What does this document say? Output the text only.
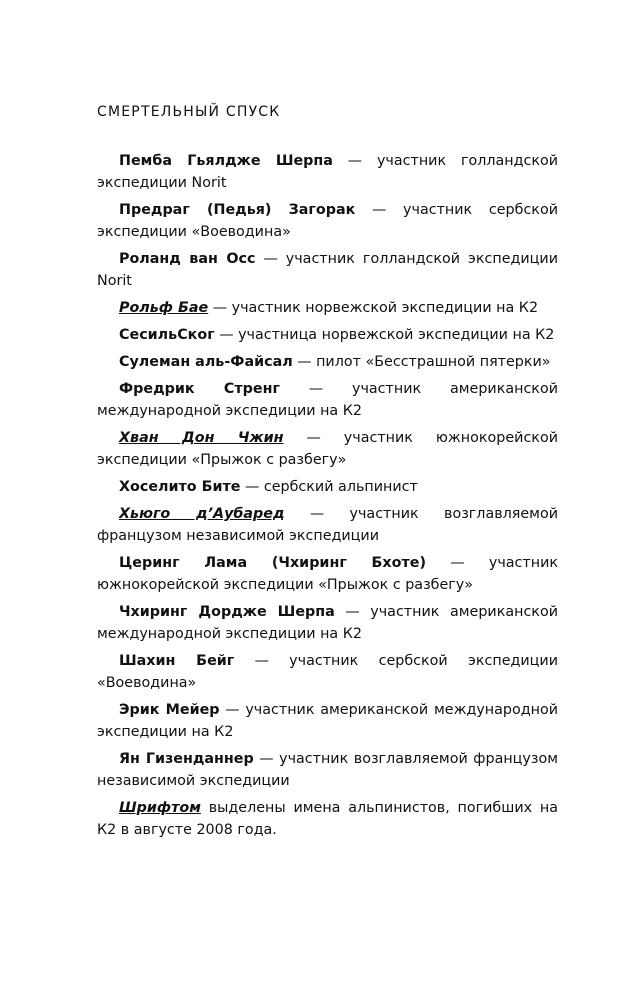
СМЕРТЕЛЬНЫЙ СПУСК
Пемба Гьялдже Шерпа — участник голландской экспедиции Norit
Предраг (Педья) Загорак — участник сербской экспедиции «Воеводина»
Роланд ван Осс — участник голландской экспедиции Norit
Рольф Бае — участник норвежской экспедиции на К2
СесильСког — участница норвежской экспедиции на К2
Сулеман аль-Файсал — пилот «Бесстрашной пятерки»
Фредрик Стренг — участник американской международной экспедиции на К2
Хван Дон Чжин — участник южнокорейской экспедиции «Прыжок с разбегу»
Хоселито Бите — сербский альпинист
Хьюго д’Аубаред — участник возглавляемой французом независимой экспедиции
Церинг Лама (Чхиринг Бхоте) — участник южнокорейской экспедиции «Прыжок с разбегу»
Чхиринг Дордже Шерпа — участник американской международной экспедиции на К2
Шахин Бейг — участник сербской экспедиции «Воеводина»
Эрик Мейер — участник американской международной экспедиции на К2
Ян Гизенданнер — участник возглавляемой французом независимой экспедиции
Шрифтом выделены имена альпинистов, погибших на К2 в августе 2008 года.
